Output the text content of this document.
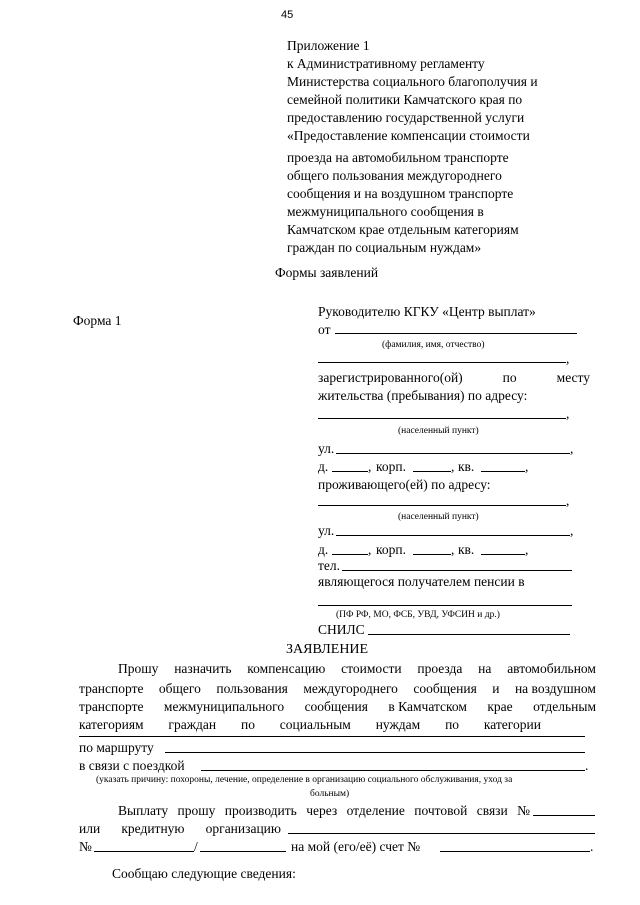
45
Приложение 1
к Административному регламенту
Министерства социального благополучия и
семейной политики Камчатского края по
предоставлению государственной услуги
«Предоставление компенсации стоимости
проезда на автомобильном транспорте
общего пользования междугороднего
сообщения и на воздушном транспорте
межмуниципального сообщения в
Камчатском крае отдельным категориям
граждан по социальным нуждам»
Формы заявлений
Форма 1
Руководителю КГКУ «Центр выплат»
от
(фамилия, имя, отчество)
,
зарегистрированного(ой)	по	месту
жительства (пребывания) по адресу:
,
(населенный пункт)
ул.	,
д.	, корп.	, кв.	,
проживающего(ей) по адресу:
,
(населенный пункт)
ул.	,
д.	, корп.	, кв.	,
тел.
являющегося получателем пенсии в
(ПФ РФ, МО, ФСБ, УВД, УФСИН и др.)
СНИЛС
ЗАЯВЛЕНИЕ
Прошу назначить компенсацию стоимости проезда на автомобильном
транспорте общего пользования междугороднего сообщения и на воздушном
транспорте межмуниципального сообщения в Камчатском крае отдельным
категориям граждан по социальным нуждам по категории
по маршруту
в связи с поездкой	.
(указать причину: похороны, лечение, определение в организацию социального обслуживания, уход за
больным)
Выплату прошу производить через отделение почтовой связи №
или кредитную организацию
№	/	на мой (его/её) счет №	.
Сообщаю следующие сведения:
